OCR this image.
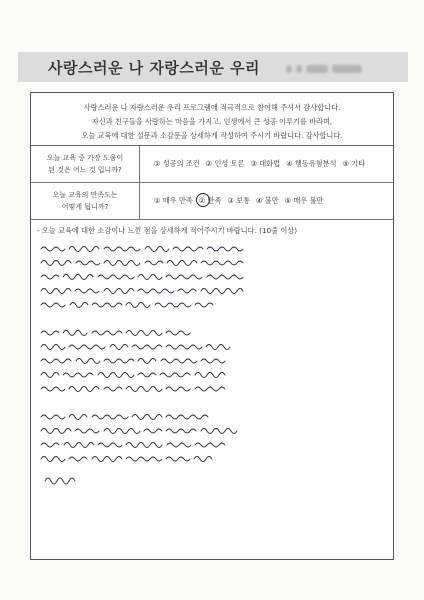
사랑스러운 나 자랑스러운 우리
사랑스러운 나 자랑스러운 우리 프로그램에 적극적으로 참여해 주셔서 감사합니다.
자신과 친구들을 사랑하는 마음을 가지고, 인생에서 큰 성공 이루기를 바라며,
오늘 교육에 대한 설문과 소감문을 상세하게 작성하여 주시기 바랍니다. 감사합니다.
오늘 교육 중 가장 도움이
된 것은 어느 것 입니까?
① 성공의 조건 ② 인성 토론 ③ 대화법 ④ 행동유형분석 ⑤ 기타
오늘 교육의 만족도는
어떻게 됩니까?
① 매우 만족 ② 만족 ③ 보통 ④ 불만 ⑤ 매우 불만
- 오늘 교육에 대한 소감이나 느낀 점을 상세하게 적어주시기 바랍니다. (10줄 이상)
